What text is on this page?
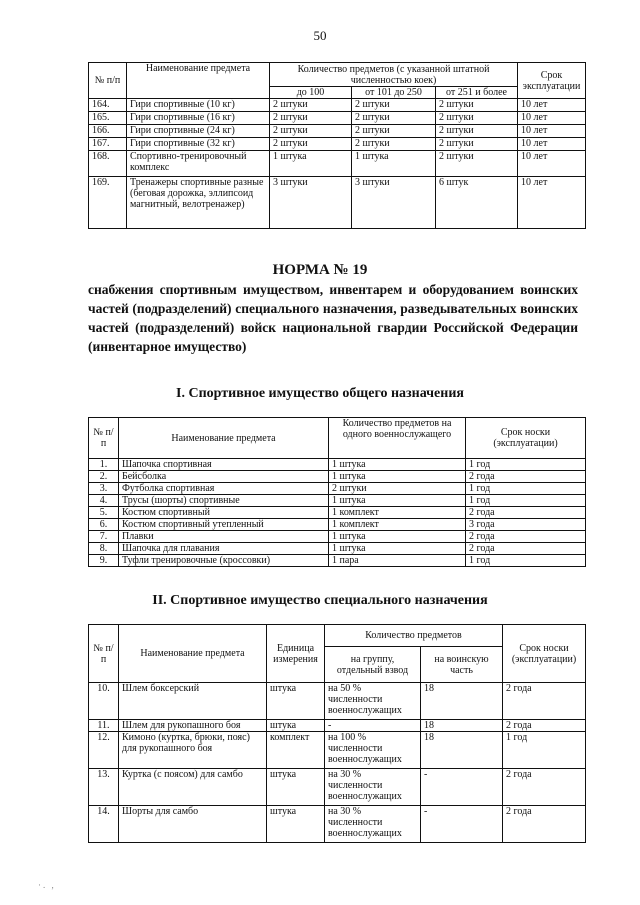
50
№ п/п	Наименование предмета	Количество предметов (с указанной штатной численностью коек)			Срок эксплуатации
		до 100	от 101 до 250	от 251 и более	
164.	Гири спортивные (10 кг)	2 штуки	2 штуки	2 штуки	10 лет
165.	Гири спортивные (16 кг)	2 штуки	2 штуки	2 штуки	10 лет
166.	Гири спортивные (24 кг)	2 штуки	2 штуки	2 штуки	10 лет
167.	Гири спортивные (32 кг)	2 штуки	2 штуки	2 штуки	10 лет
168.	Спортивно-тренировочный комплекс	1 штука	1 штука	2 штуки	10 лет
169.	Тренажеры спортивные разные (беговая дорожка, эллипсоид магнитный, велотренажер)	3 штуки	3 штуки	6 штук	10 лет
НОРМА № 19
снабжения спортивным имуществом, инвентарем и оборудованием воинских частей (подразделений) специального назначения, разведывательных воинских частей (подразделений) войск национальной гвардии Российской Федерации (инвентарное имущество)
I. Спортивное имущество общего назначения
№ п/п	Наименование предмета	Количество предметов на одного военнослужащего	Срок носки (эксплуатации)
1.	Шапочка спортивная	1 штука	1 год
2.	Бейсболка	1 штука	2 года
3.	Футболка спортивная	2 штуки	1 год
4.	Трусы (шорты) спортивные	1 штука	1 год
5.	Костюм спортивный	1 комплект	2 года
6.	Костюм спортивный утепленный	1 комплект	3 года
7.	Плавки	1 штука	2 года
8.	Шапочка для плавания	1 штука	2 года
9.	Туфли тренировочные (кроссовки)	1 пара	1 год
II. Спортивное имущество специального назначения
№ п/п	Наименование предмета	Единица измерения	Количество предметов		Срок носки (эксплуатации)
			на группу, отдельный взвод	на воинскую часть	
10.	Шлем боксерский	штука	на 50 % численности военнослужащих	18	2 года
11.	Шлем для рукопашного боя	штука	-	18	2 года
12.	Кимоно (куртка, брюки, пояс) для рукопашного боя	комплект	на 100 % численности военнослужащих	18	1 год
13.	Куртка (с поясом) для самбо	штука	на 30 % численности военнослужащих	-	2 года
14.	Шорты для самбо	штука	на 30 % численности военнослужащих	-	2 года
·. ,
